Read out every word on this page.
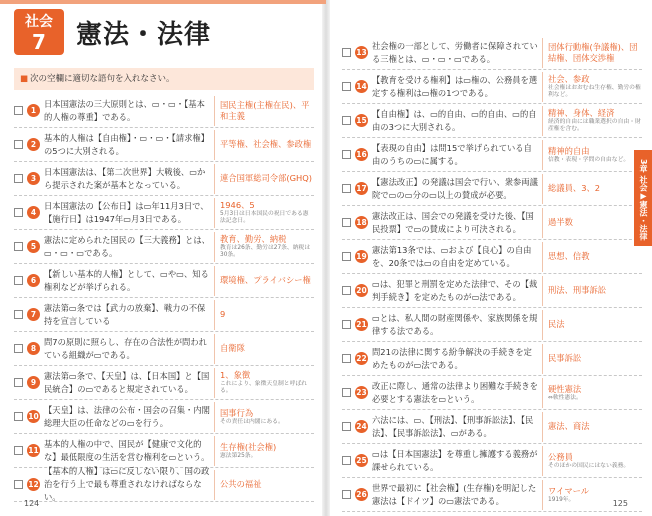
社会
7	憲法・法律
■ 次の空欄に適切な語句を入れなさい。
1
日本国憲法の三大原則とは、▭・▭・【基本的人権の尊重】である。
国民主権(主権在民)、平和主義
2
基本的人権は【自由権】・▭・▭・【請求権】の5つに大別される。
平等権、社会権、参政権
3
日本国憲法は、【第二次世界】大戦後、▭から提示された案が基本となっている。
連合国軍総司令部(GHQ)
4
日本国憲法の【公布日】は▭年11月3日で、【施行日】は1947年▭月3日である。
1946、5
5月3日は日本国民の祝日である憲法記念日。
5
憲法に定められた国民の【三大義務】とは、▭・▭・▭である。
教育、勤労、納税
教育は26条、勤労は27条、納税は30条。
6
【新しい基本的人権】として、▭や▭、知る権利などが挙げられる。
環境権、プライバシー権
7
憲法第▭条では【武力の放棄】、戦力の不保持を宣言している
9
8
問7の原則に照らし、存在の合法性が問われている組織が▭である。
自衛隊
9
憲法第▭条で、【天皇】は、【日本国】と【国民統合】の▭であると規定されている。
1、象徴
これにより、象徴天皇制と呼ばれる。
10
【天皇】は、法律の公布・国会の召集・内閣総理大臣の任命などの▭を行う。
国事行為
その責任は内閣にある。
11
基本的人権の中で、国民が【健康で文化的な】最低限度の生活を営む権利を▭という。
生存権(社会権)
憲法第25条。
12
【基本的人権】は▭に反しない限り、国の政治を行う上で最も尊重されなければならない。
公共の福祉
124
13
社会権の一部として、労働者に保障されている三権とは、▭・▭・▭である。
団体行動権(争議権)、団結権、団体交渉権
14
【教育を受ける権利】は▭権の、公務員を選定する権利は▭権の1つである。
社会、参政
社会権はおおむね生存権、勤労の権利など。
15
【自由権】は、▭的自由、▭的自由、▭的自由の3つに大別される。
精神、身体、経済
経済的自由には職業選択の自由・財産権を含む。
16
【表現の自由】は問15で挙げられている自由のうちの▭に属する。
精神的自由
信教・表現・学問の自由など。
17
【憲法改正】の発議は国会で行い、衆参両議院で▭の▭分の▭以上の賛成が必要。
総議員、3、2
18
憲法改正は、国会での発議を受けた後、【国民投票】で▭の賛成により可決される。
過半数
19
憲法第13条では、▭および【良心】の自由を、20条では▭の自由を定めている。
思想、信教
20
▭は、犯罪と刑罰を定めた法律で、その【裁判手続き】を定めたものが▭法である。
刑法、刑事訴訟
21
▭とは、私人間の財産関係や、家族関係を規律する法である。
民法
22
問21の法律に関する紛争解決の手続きを定めたものが▭法である。
民事訴訟
23
改正に際し、通常の法律より困難な手続きを必要とする憲法を▭という。
硬性憲法
⇔軟性憲法。
24
六法には、▭、【刑法】、【刑事訴訟法】、【民法】、【民事訴訟法】、▭がある。
憲法、商法
25
▭は【日本国憲法】を尊重し擁護する義務が課せられている。
公務員
そのほかの国民にはない義務。
26
世界で最初に【社会権】(生存権)を明記した憲法は【ドイツ】の▭憲法である。
ワイマール
1919年。
3章 社会▶憲法・法律
125
